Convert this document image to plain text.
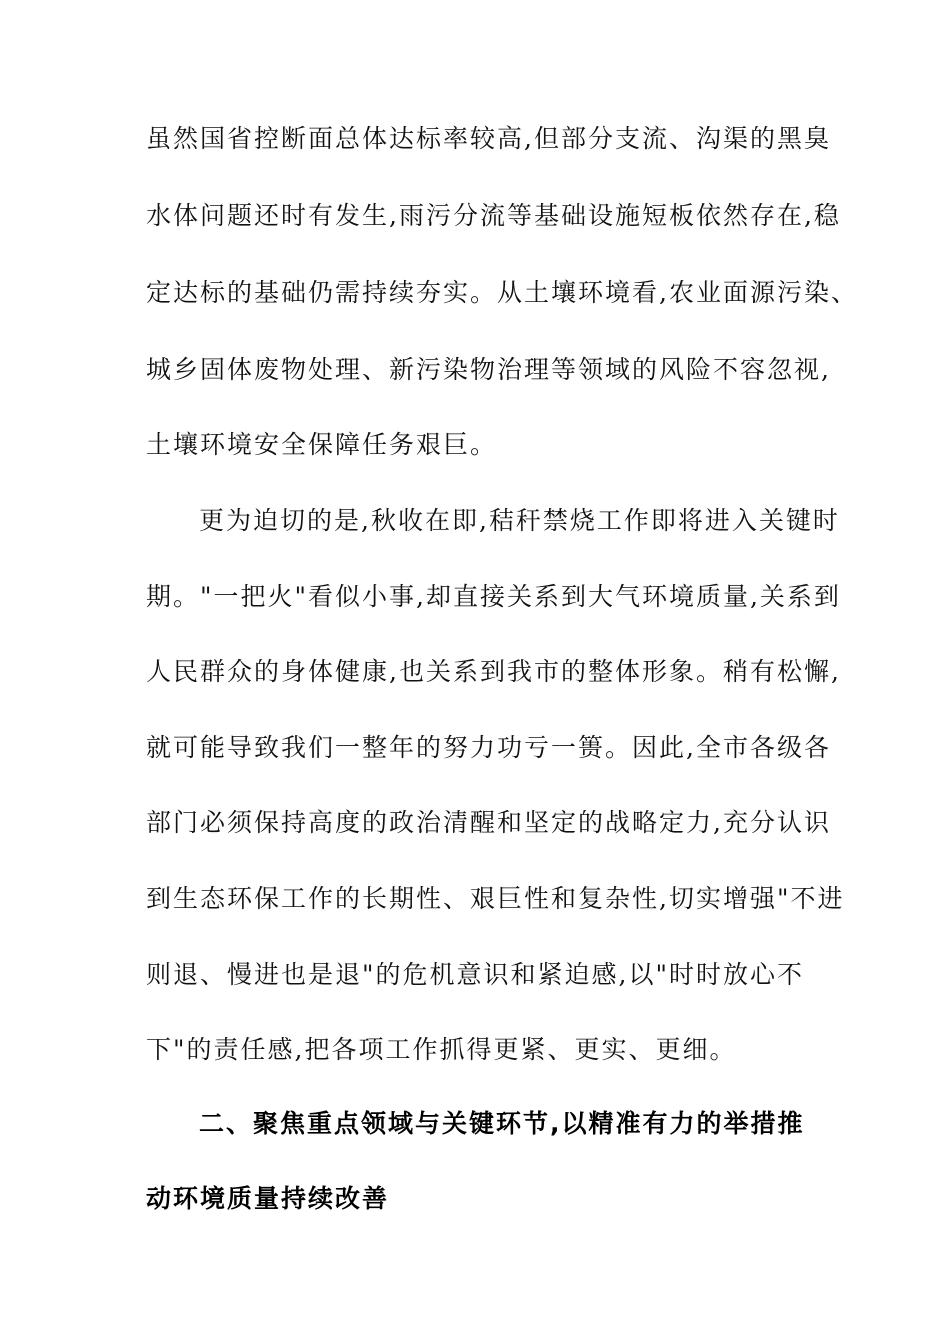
虽然国省控断面总体达标率较高,但部分支流、沟渠的黑臭
水体问题还时有发生,雨污分流等基础设施短板依然存在,稳
定达标的基础仍需持续夯实。从土壤环境看,农业面源污染、
城乡固体废物处理、新污染物治理等领域的风险不容忽视,
土壤环境安全保障任务艰巨。
更为迫切的是,秋收在即,秸秆禁烧工作即将进入关键时
期。"一把火"看似小事,却直接关系到大气环境质量,关系到
人民群众的身体健康,也关系到我市的整体形象。稍有松懈,
就可能导致我们一整年的努力功亏一篑。因此,全市各级各
部门必须保持高度的政治清醒和坚定的战略定力,充分认识
到生态环保工作的长期性、艰巨性和复杂性,切实增强"不进
则退、慢进也是退"的危机意识和紧迫感,以"时时放心不
下"的责任感,把各项工作抓得更紧、更实、更细。
二、聚焦重点领域与关键环节,以精准有力的举措推
动环境质量持续改善
